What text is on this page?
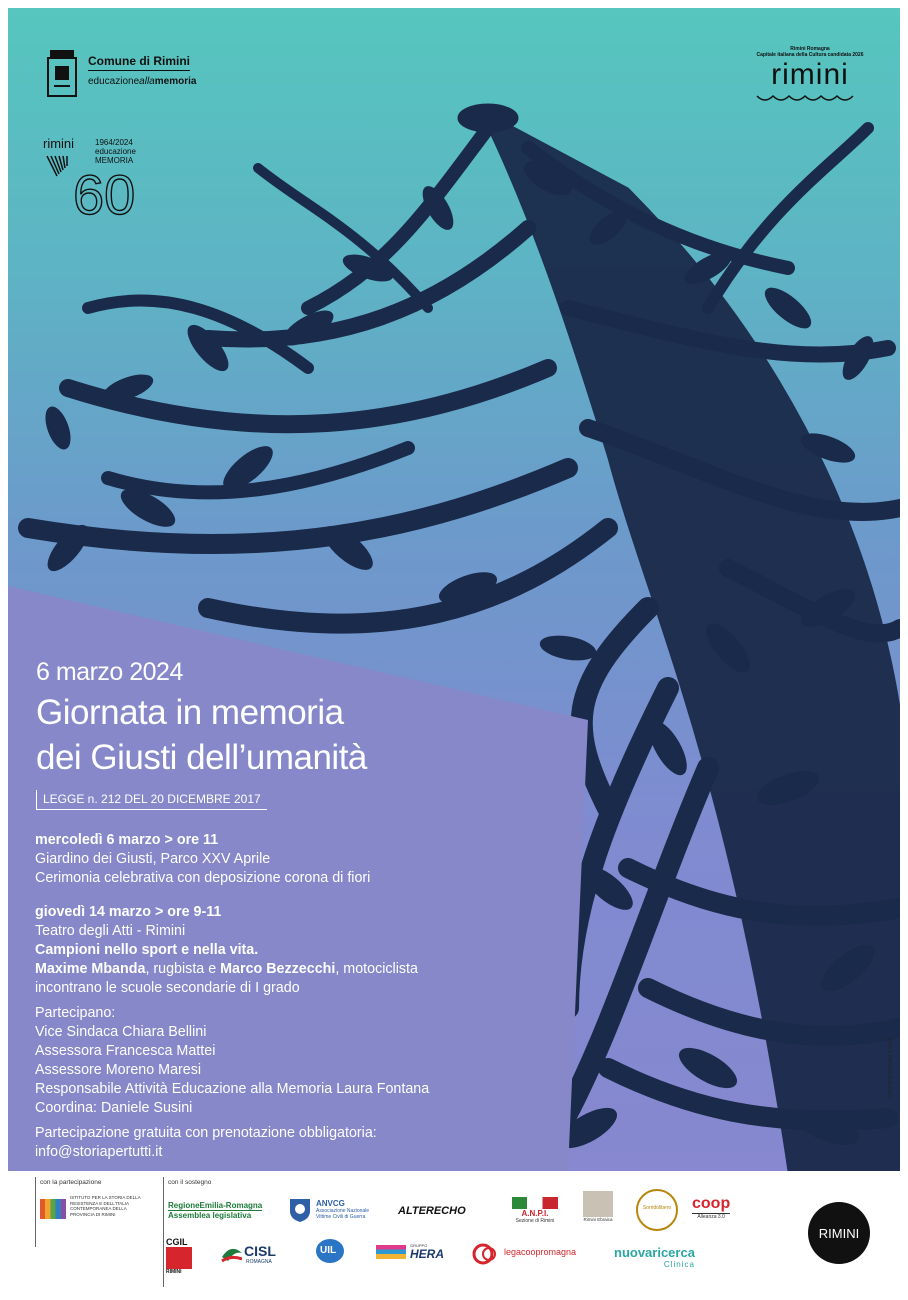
Comune di Rimini
educazioneallamemoria
rimini	1964/2024
educazione
MEMORIA
60
Rimini Romagna
Capitale italiana della Cultura candidata 2026
rimini
6 marzo 2024
Giornata in memoria
dei Giusti dell’umanità
LEGGE n. 212 DEL 20 DICEMBRE 2017
mercoledì 6 marzo > ore 11
Giardino dei Giusti, Parco XXV Aprile
Cerimonia celebrativa con deposizione corona di fiori
giovedì 14 marzo > ore 9-11
Teatro degli Atti - Rimini
Campioni nello sport e nella vita.
Maxime Mbanda, rugbista e Marco Bezzecchi, motociclista
incontrano le scuole secondarie di I grado
Partecipano:
Vice Sindaca Chiara Bellini
Assessora Francesca Mattei
Assessore Moreno Maresi
Responsabile Attività Educazione alla Memoria Laura Fontana
Coordina: Daniele Susini
Partecipazione gratuita con prenotazione obbligatoria:
info@storiapertutti.it
COLPO D'OCCHIO 1/2024
con la partecipazione	con il sostegno
ISTITUTO PER LA STORIA DELLA RESISTENZA E DELL'ITALIA CONTEMPORANEA DELLA PROVINCIA DI RIMINI
RegioneEmilia-Romagna
Assemblea legislativa
ANVCG
Associazione Nazionale Vittime Civili di Guerra	ALTERECHO	A.N.P.I.
Sezione di Rimini	Rimini Ebraica
Sorridolibero	coop
Alleanza 3.0
CGIL
RIMINI
CISL
ROMAGNA
UIL	GRUPPO
HERA	legacoopromagna	nuovaricerca
Clinica
RIMINI
